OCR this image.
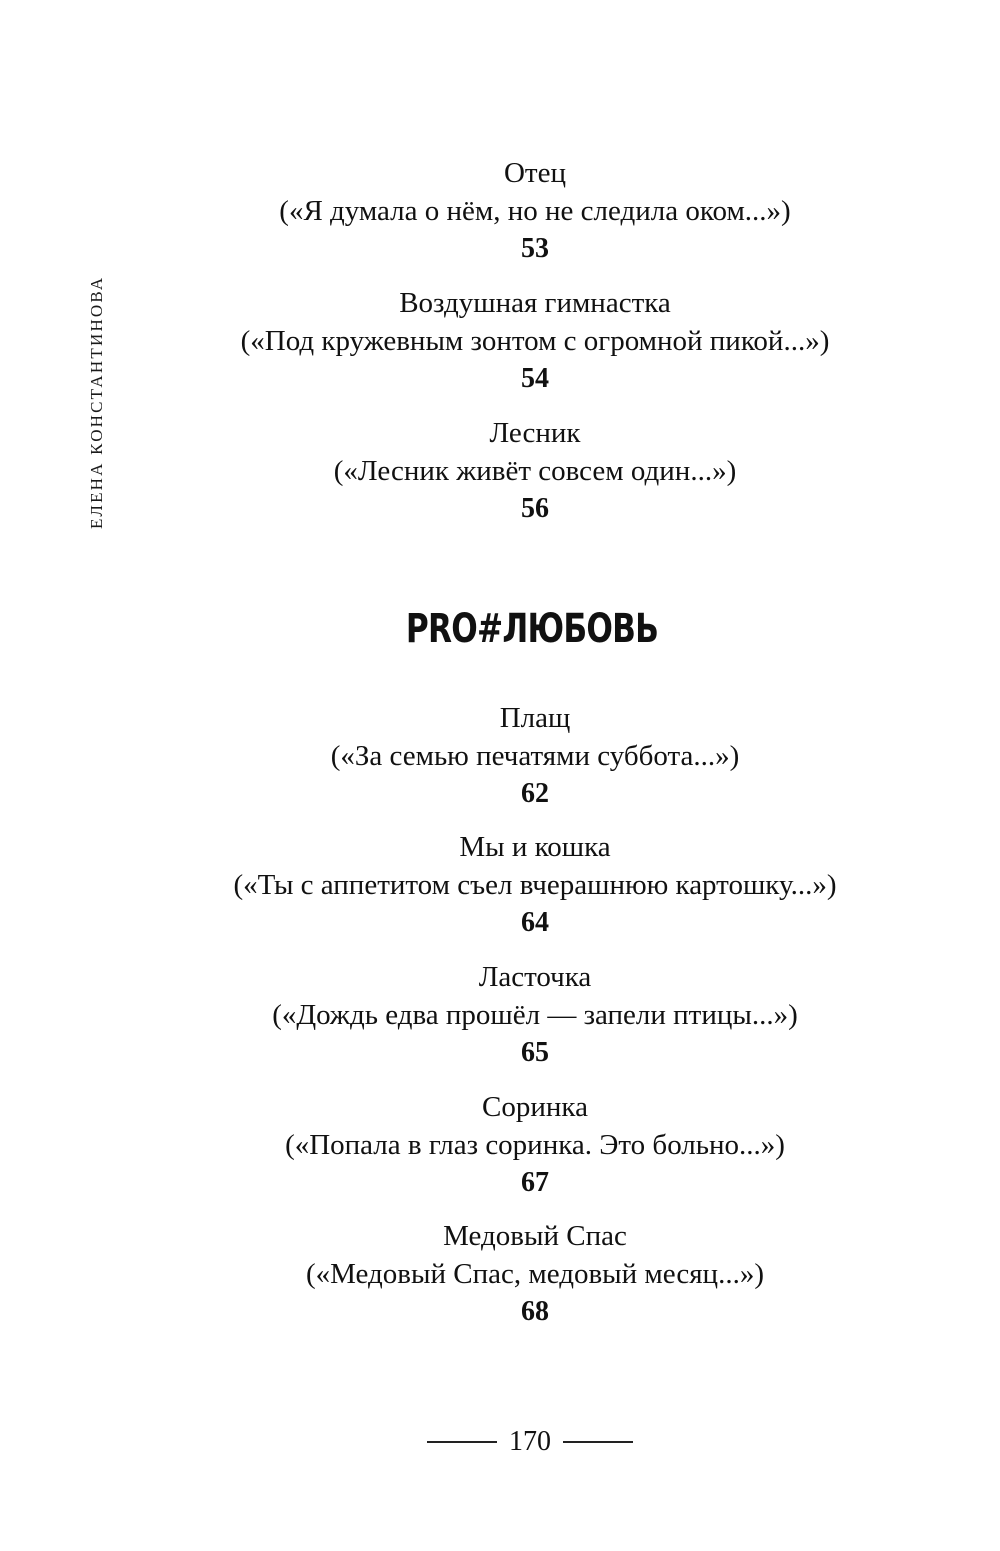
ЕЛЕНА КОНСТАНТИНОВА
Отец
(«Я думала о нём, но не следила оком...»)
53
Воздушная гимнастка
(«Под кружевным зонтом с огромной пикой...»)
54
Лесник
(«Лесник живёт совсем один...»)
56
PRO#ЛЮБОВЬ
Плащ
(«За семью печатями суббота...»)
62
Мы и кошка
(«Ты с аппетитом съел вчерашнюю картошку...»)
64
Ласточка
(«Дождь едва прошёл — запели птицы...»)
65
Соринка
(«Попала в глаз соринка. Это больно...»)
67
Медовый Спас
(«Медовый Спас, медовый месяц...»)
68
170
